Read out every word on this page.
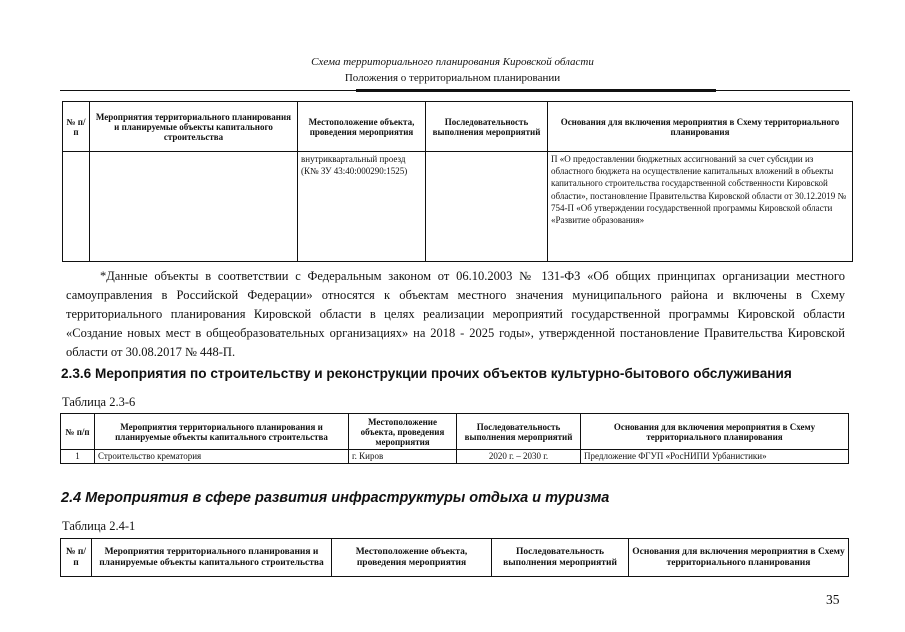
Схема территориального планирования Кировской области
Положения о территориальном планировании
№ п/п	Мероприятия территориального планирования и планируемые объекты капитального строительства	Местоположение объекта, проведения мероприятия	Последовательность выполнения мероприятий	Основания для включения мероприятия в Схему территориального планирования
		внутриквартальный проезд (К№ ЗУ 43:40:000290:1525)		П «О предоставлении бюджетных ассигнований за счет субсидии из областного бюджета на осуществление капитальных вложений в объекты капитального строительства государственной собственности Кировской области», постановление Правительства Кировской области от 30.12.2019 № 754-П «Об утверждении государственной программы Кировской области «Развитие образования»
*Данные объекты в соответствии с Федеральным законом от 06.10.2003 № 131-ФЗ «Об общих принципах организации местного самоуправления в Российской Федерации» относятся к объектам местного значения муниципального района и включены в Схему территориального планирования Кировской области в целях реализации мероприятий государственной программы Кировской области «Создание новых мест в общеобразовательных организациях» на 2018 - 2025 годы», утвержденной постановление Правительства Кировской области от 30.08.2017 № 448-П.
2.3.6 Мероприятия по строительству и реконструкции прочих объектов культурно-бытового обслуживания
Таблица 2.3-6
№ п/п	Мероприятия территориального планирования и планируемые объекты капитального строительства	Местоположение объекта, проведения мероприятия	Последовательность выполнения мероприятий	Основания для включения мероприятия в Схему территориального планирования
1	Строительство крематория	г. Киров	2020 г. – 2030 г.	Предложение ФГУП «РосНИПИ Урбанистики»
2.4 Мероприятия в сфере развития инфраструктуры отдыха и туризма
Таблица 2.4-1
№ п/п	Мероприятия территориального планирования и планируемые объекты капитального строительства	Местоположение объекта, проведения мероприятия	Последовательность выполнения мероприятий	Основания для включения мероприятия в Схему территориального планирования
35
